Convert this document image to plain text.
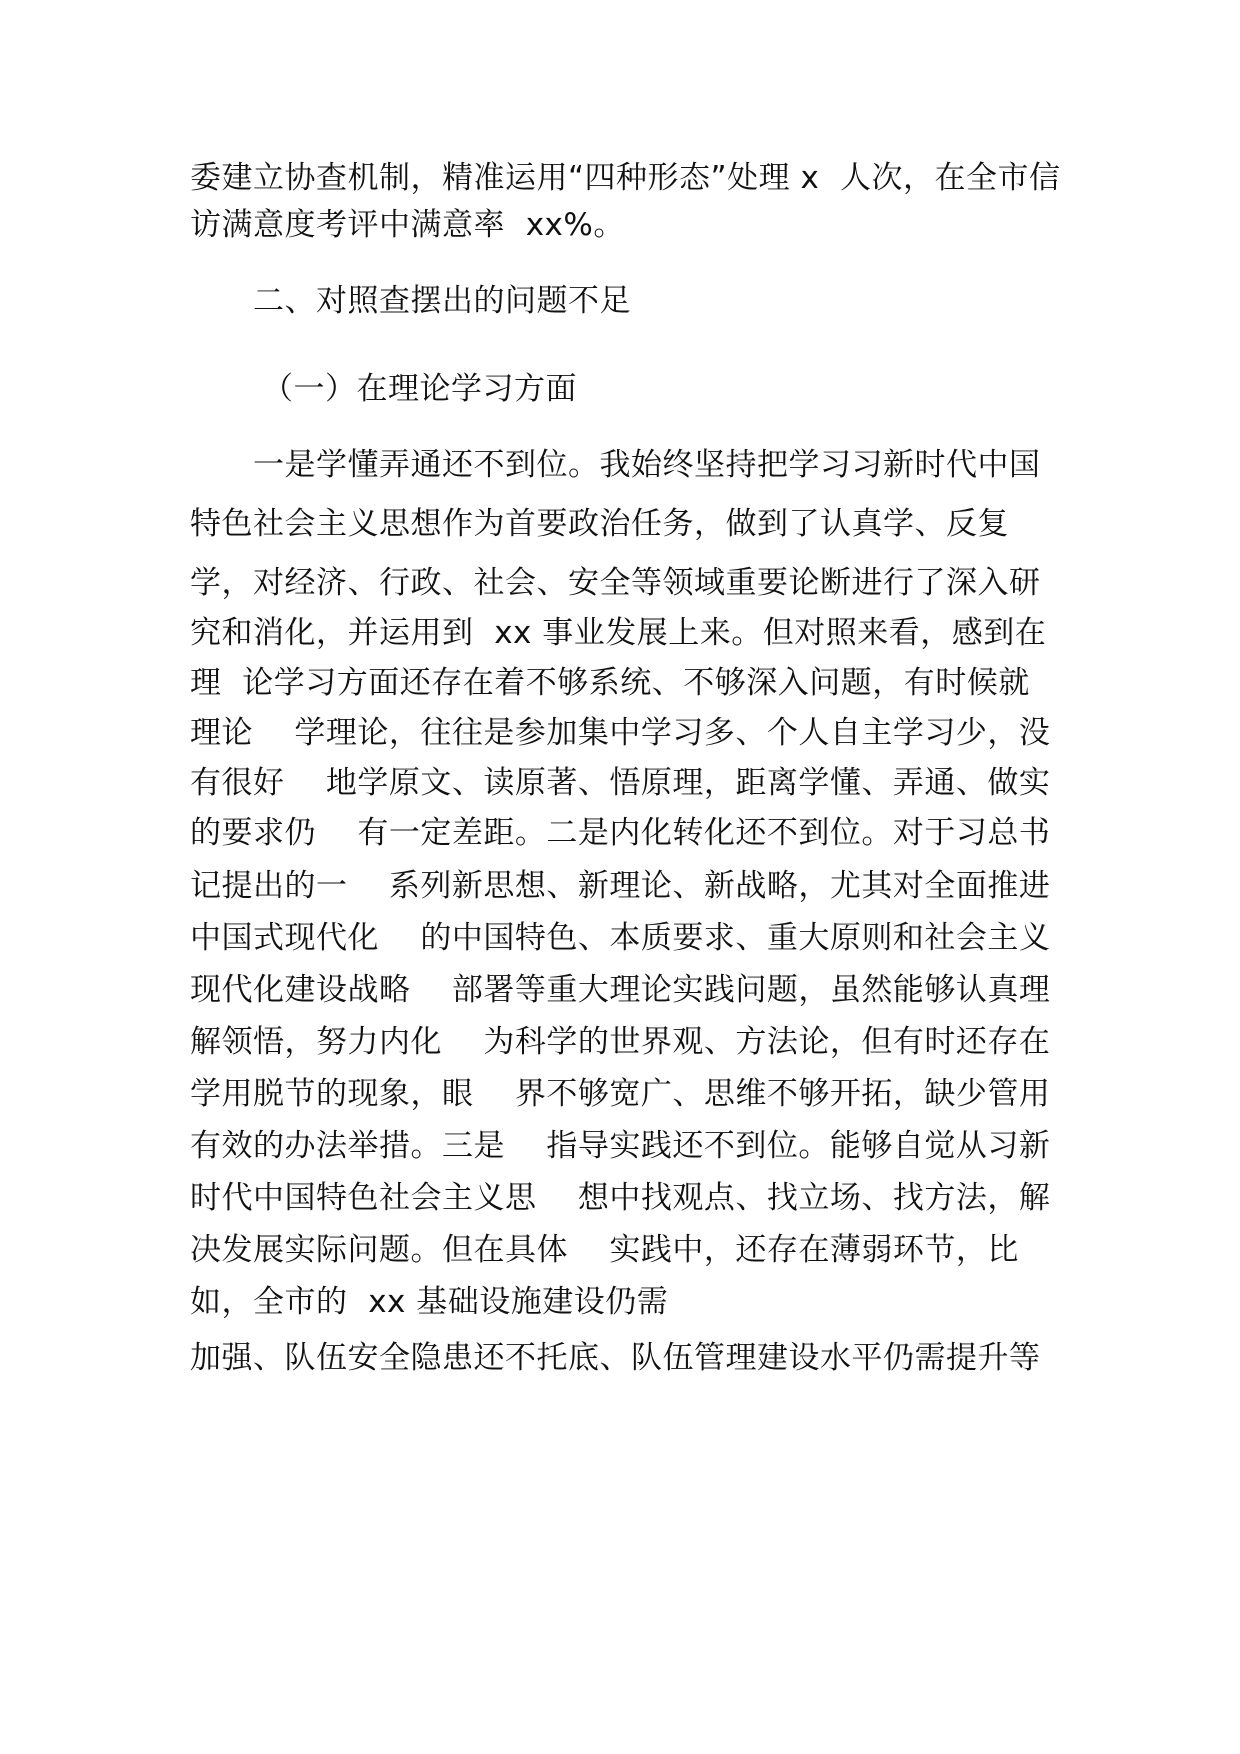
委建立协查机制，精准运用“四种形态”处理 x  人次，在全市信
访满意度考评中满意率  xx%。
二、对照查摆出的问题不足
（一）在理论学习方面
一是学懂弄通还不到位。我始终坚持把学习习新时代中国
特色社会主义思想作为首要政治任务，做到了认真学、反复
学，对经济、行政、社会、安全等领域重要论断进行了深入研
究和消化，并运用到  xx 事业发展上来。但对照来看，感到在
理  论学习方面还存在着不够系统、不够深入问题，有时候就
理论    学理论，往往是参加集中学习多、个人自主学习少，没
有很好    地学原文、读原著、悟原理，距离学懂、弄通、做实
的要求仍    有一定差距。二是内化转化还不到位。对于习总书
记提出的一    系列新思想、新理论、新战略，尤其对全面推进
中国式现代化    的中国特色、本质要求、重大原则和社会主义
现代化建设战略    部署等重大理论实践问题，虽然能够认真理
解领悟，努力内化    为科学的世界观、方法论，但有时还存在
学用脱节的现象，眼    界不够宽广、思维不够开拓，缺少管用
有效的办法举措。三是    指导实践还不到位。能够自觉从习新
时代中国特色社会主义思    想中找观点、找立场、找方法，解
决发展实际问题。但在具体    实践中，还存在薄弱环节，比
如，全市的  xx 基础设施建设仍需
加强、队伍安全隐患还不托底、队伍管理建设水平仍需提升等
